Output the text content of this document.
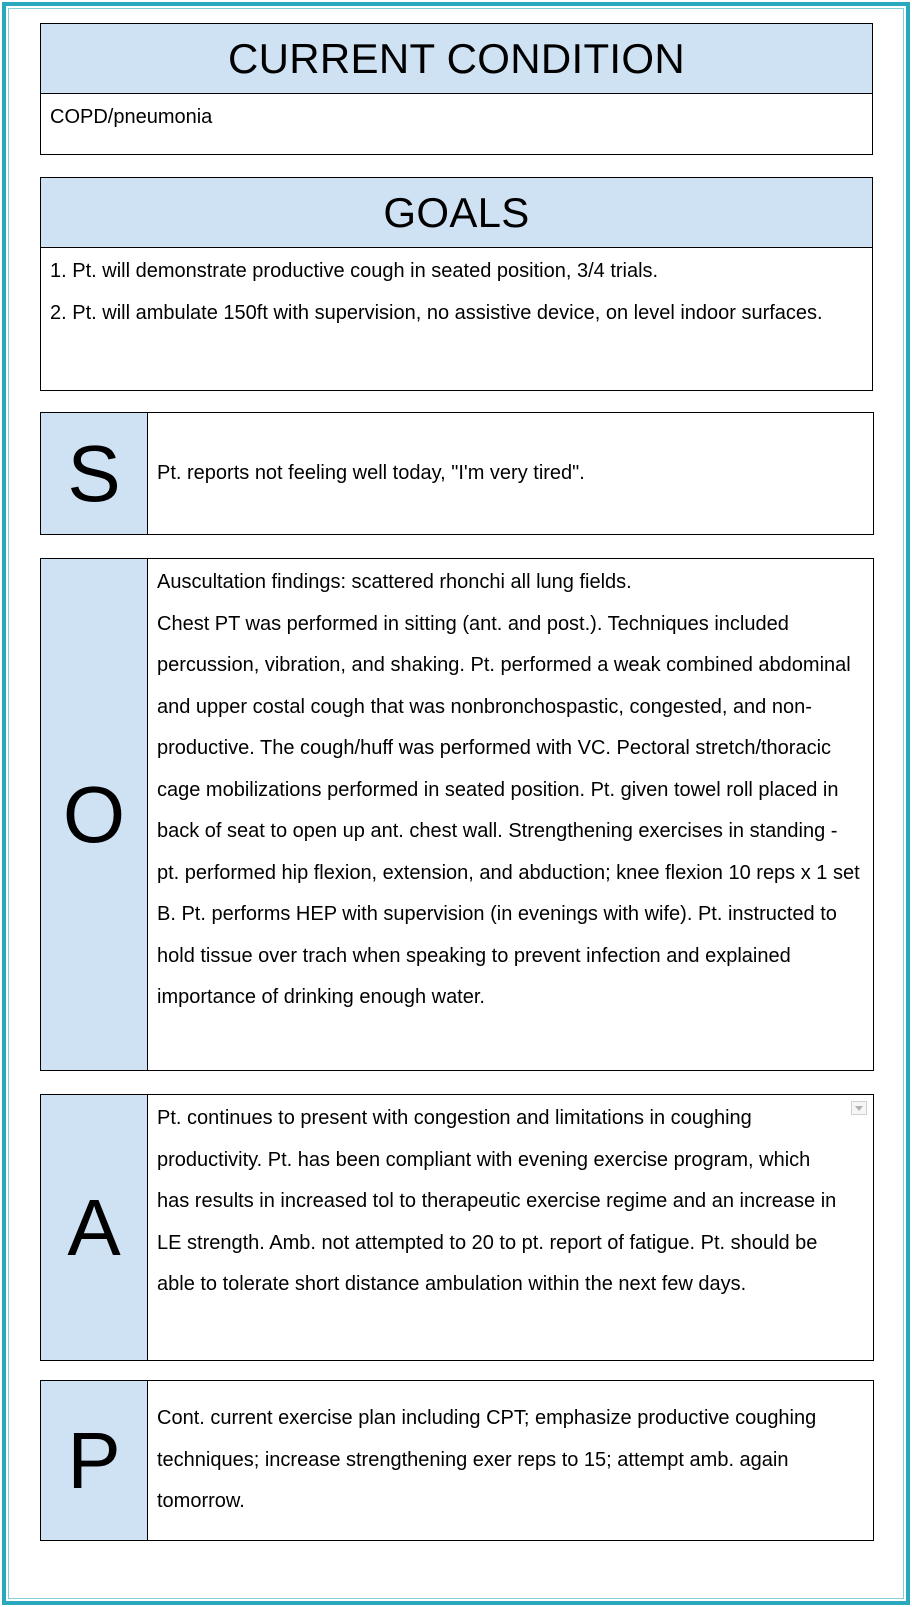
CURRENT CONDITION

COPD/pneumonia

GOALS

1. Pt. will demonstrate productive cough in seated position, 3/4 trials.

2. Pt. will ambulate 150ft with supervision, no assistive device, on level indoor surfaces.

S	Pt. reports not feeling well today, "I'm very tired".

O

Auscultation findings: scattered rhonchi all lung fields.

Chest PT was performed in sitting (ant. and post.). Techniques included percussion, vibration, and shaking. Pt. performed a weak combined abdominal and upper costal cough that was nonbronchospastic, congested, and non-productive. The cough/huff was performed with VC. Pectoral stretch/thoracic cage mobilizations performed in seated position. Pt. given towel roll placed in back of seat to open up ant. chest wall. Strengthening exercises in standing - pt. performed hip flexion, extension, and abduction; knee flexion 10 reps x 1 set B. Pt. performs HEP with supervision (in evenings with wife). Pt. instructed to hold tissue over trach when speaking to prevent infection and explained importance of drinking enough water.

A

Pt. continues to present with congestion and limitations in coughing productivity. Pt. has been compliant with evening exercise program, which has results in increased tol to therapeutic exercise regime and an increase in LE strength. Amb. not attempted to 20 to pt. report of fatigue. Pt. should be able to tolerate short distance ambulation within the next few days.

P	Cont. current exercise plan including CPT; emphasize productive coughing techniques; increase strengthening exer reps to 15; attempt amb. again tomorrow.
